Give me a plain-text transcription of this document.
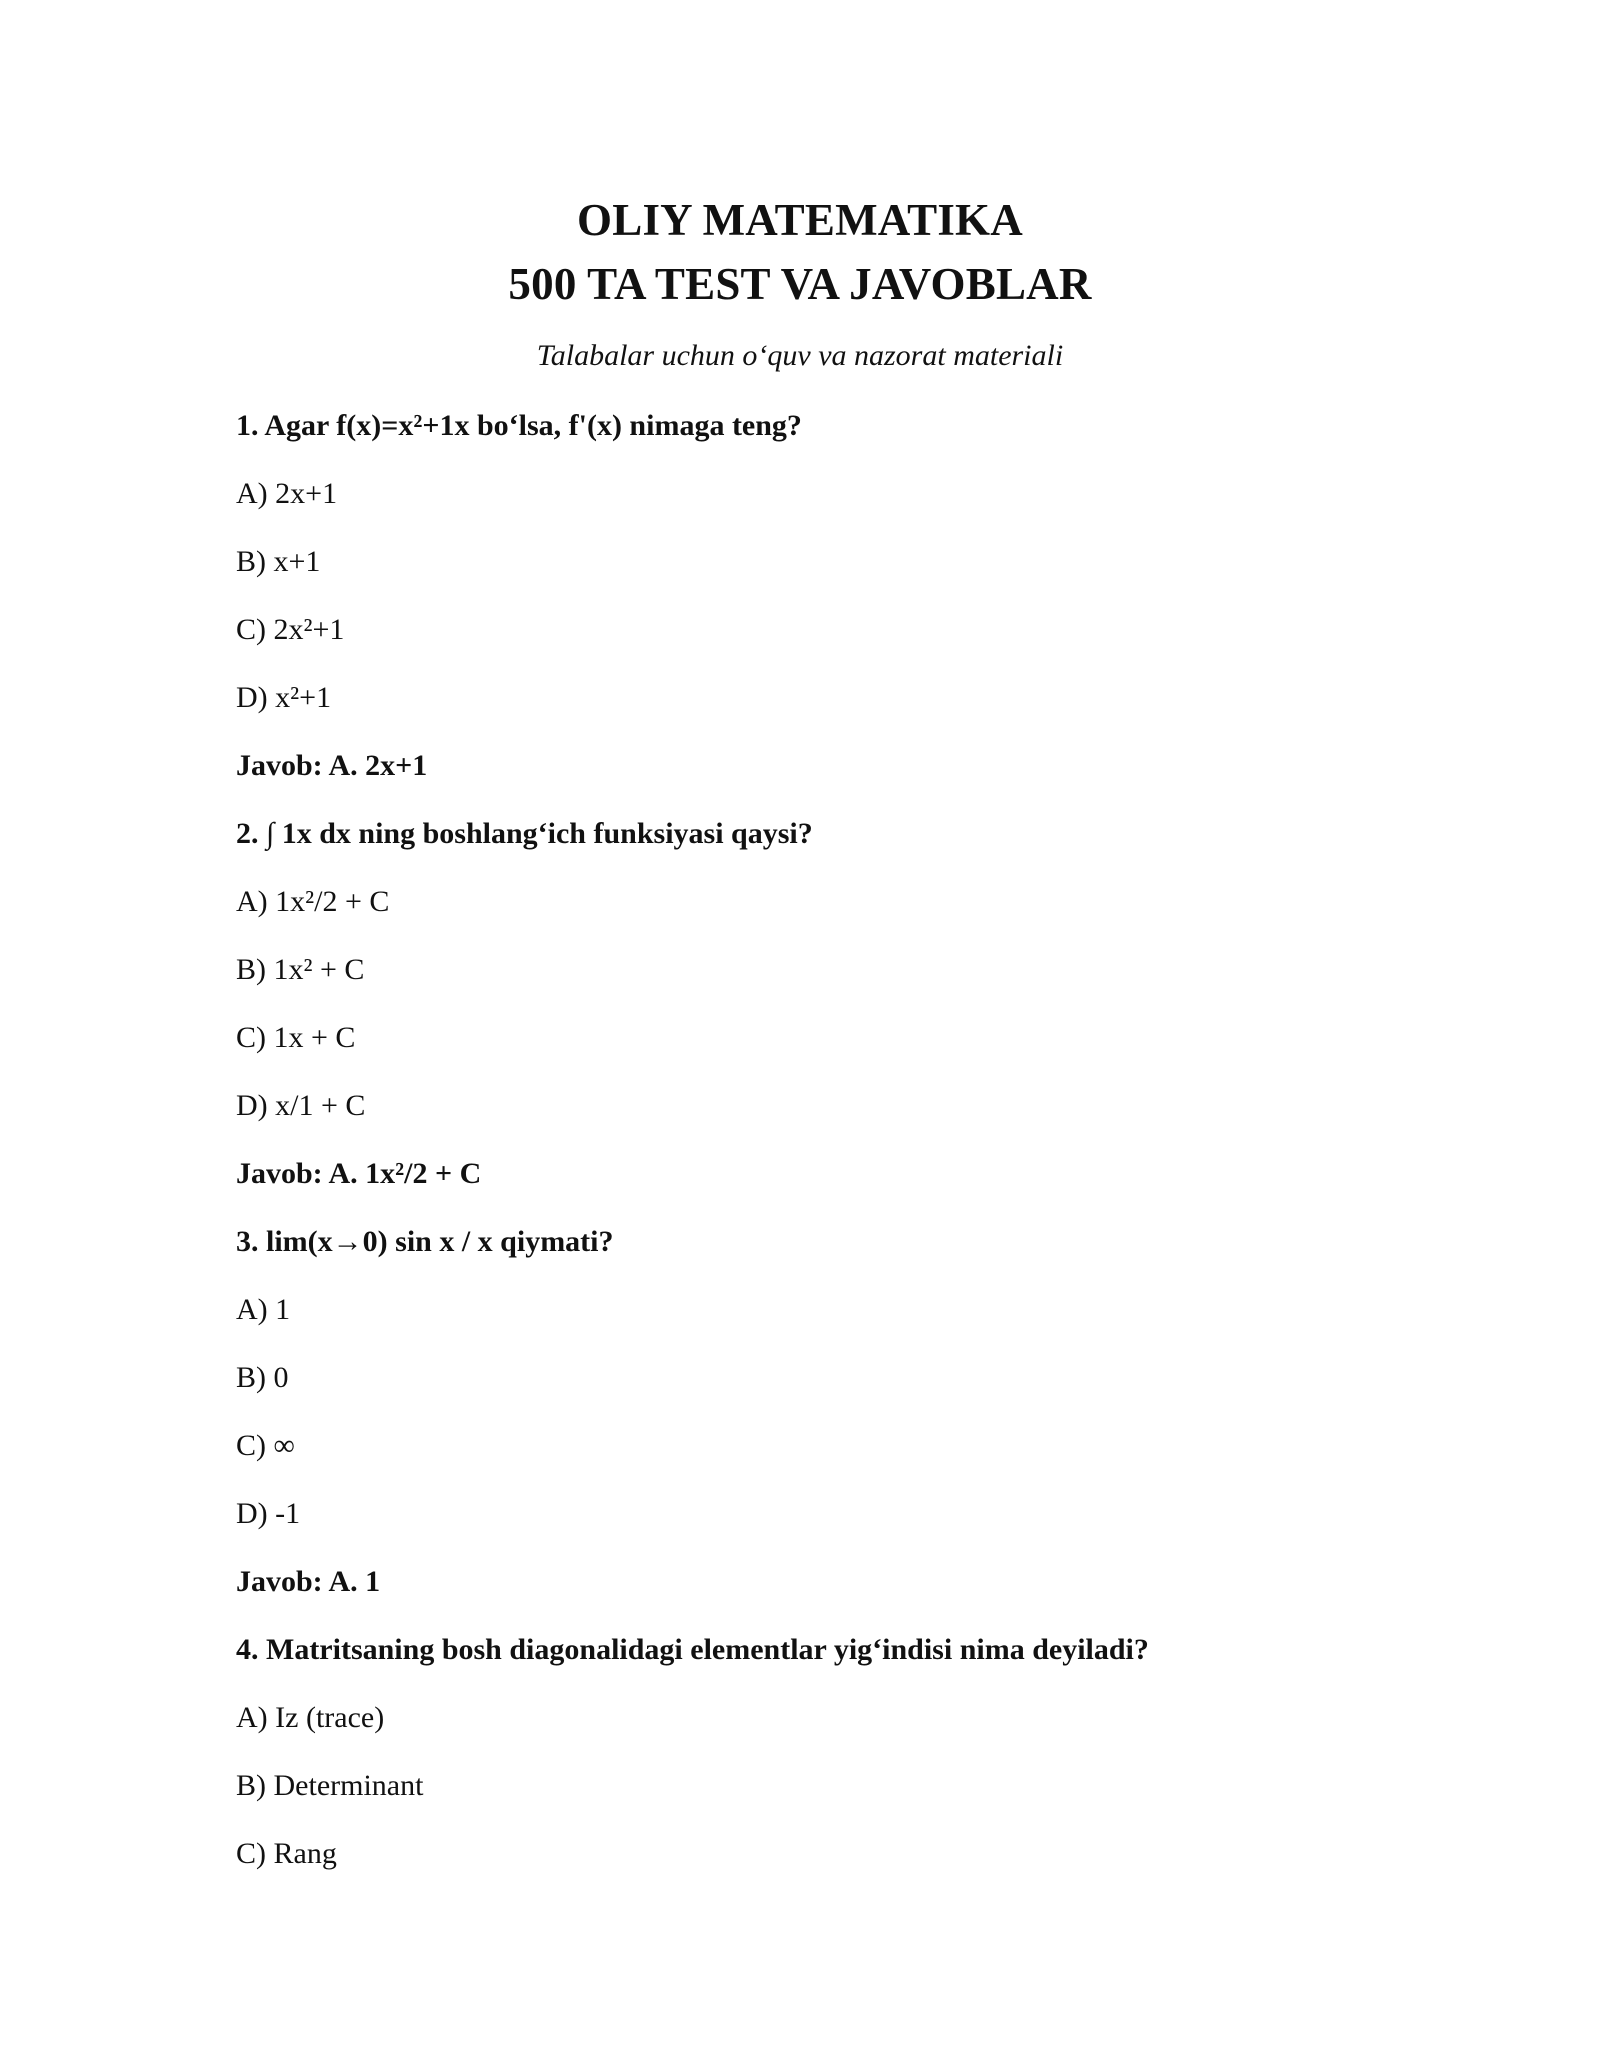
OLIY MATEMATIKA
500 TA TEST VA JAVOBLAR
Talabalar uchun o‘quv va nazorat materiali
1. Agar f(x)=x²+1x bo‘lsa, f'(x) nimaga teng?
A) 2x+1
B) x+1
C) 2x²+1
D) x²+1
Javob: A. 2x+1
2. ∫ 1x dx ning boshlang‘ich funksiyasi qaysi?
A) 1x²/2 + C
B) 1x² + C
C) 1x + C
D) x/1 + C
Javob: A. 1x²/2 + C
3. lim(x→0) sin x / x qiymati?
A) 1
B) 0
C) ∞
D) -1
Javob: A. 1
4. Matritsaning bosh diagonalidagi elementlar yig‘indisi nima deyiladi?
A) Iz (trace)
B) Determinant
C) Rang
